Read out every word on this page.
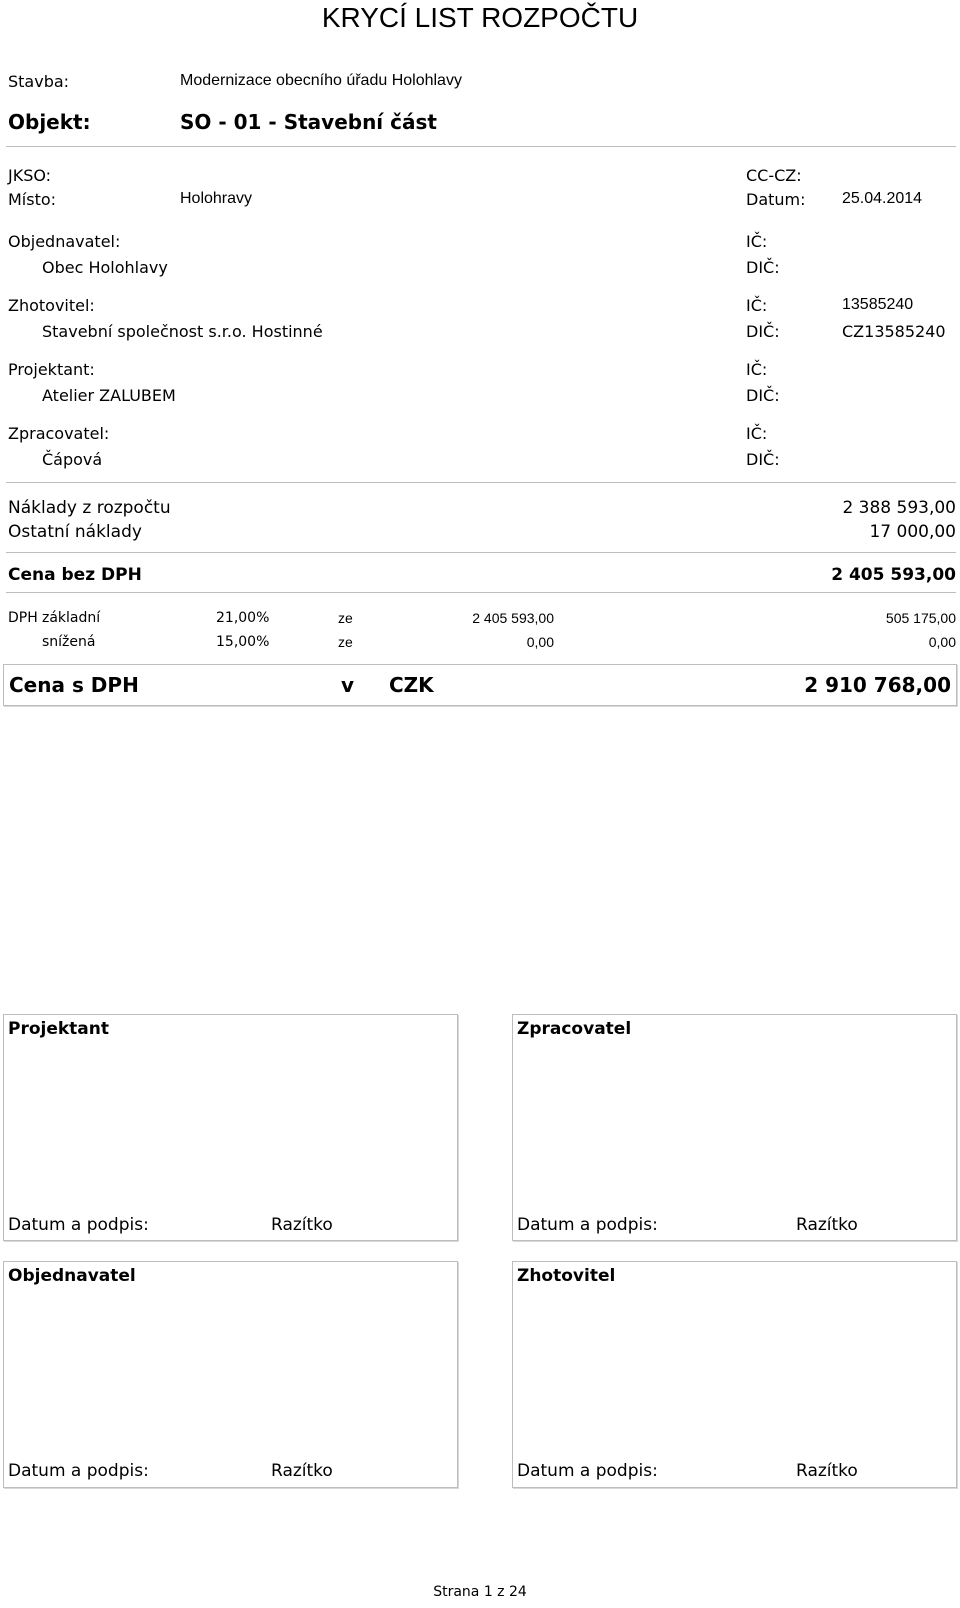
KRYCÍ LIST ROZPOČTU
Stavba:	Modernizace obecního úřadu Holohlavy
Objekt:	SO - 01 - Stavební část
JKSO:	CC-CZ:
Místo:	Holohravy	Datum: 25.04.2014
Objednavatel:
Obec Holohlavy
IČ:
DIČ:
Zhotovitel:
Stavební společnost s.r.o. Hostinné
IČ:	13585240
DIČ:	CZ13585240
Projektant:
Atelier ZALUBEM
IČ:
DIČ:
Zpracovatel:
Čápová
IČ:
DIČ:
Náklady z rozpočtu	2 388 593,00
Ostatní náklady	17 000,00
Cena bez DPH	2 405 593,00
DPH základní	21,00%	ze	2 405 593,00	505 175,00
snížená	15,00%	ze	0,00	0,00
Cena s DPH	v CZK	2 910 768,00
Projektant
Datum a podpis:	Razítko
Zpracovatel
Datum a podpis:	Razítko
Objednavatel
Datum a podpis:	Razítko
Zhotovitel
Datum a podpis:	Razítko
Strana 1 z 24
